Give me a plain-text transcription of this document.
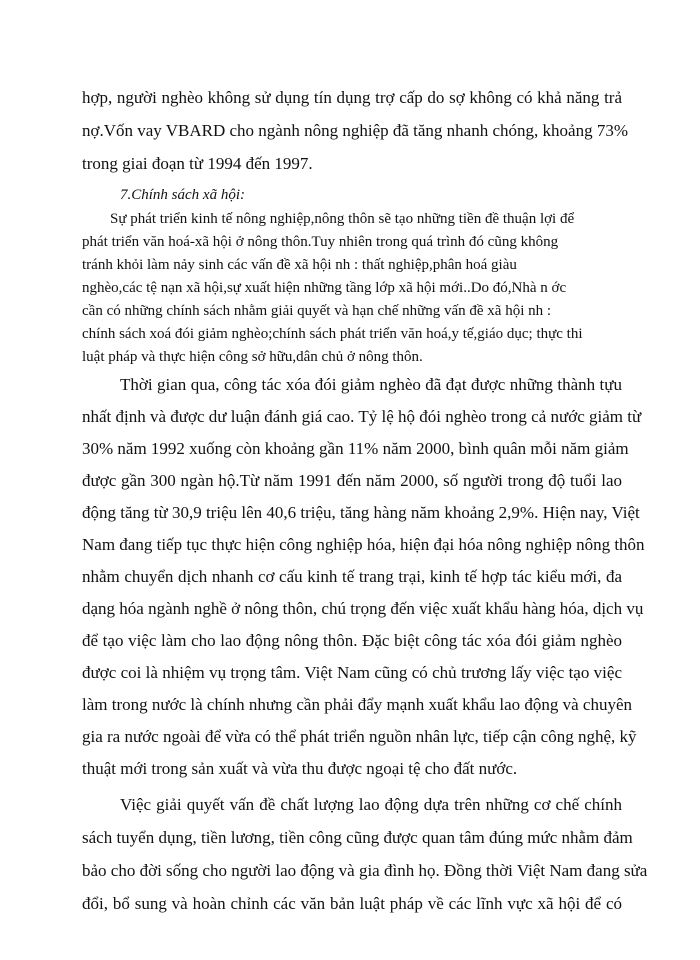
hợp, người nghèo không sử dụng tín dụng trợ cấp do sợ không có khả năng trả
nợ.Vốn vay VBARD cho ngành nông nghiệp đã tăng nhanh chóng, khoảng 73%
trong giai đoạn từ 1994 đến 1997.
7.Chính sách xã hội:
Sự phát triển kinh tế nông nghiệp,nông thôn sẽ tạo những tiền đề thuận lợi để
phát triển văn hoá-xã hội ở nông thôn.Tuy nhiên trong quá trình đó cũng không
tránh khỏi làm nảy sinh các vấn đề xã hội nh : thất nghiệp,phân hoá giàu
nghèo,các tệ nạn xã hội,sự xuất hiện những tầng lớp xã hội mới..Do đó,Nhà n ớc
cần có những chính sách nhằm giải quyết và hạn chế những vấn đề xã hội nh :
chính sách xoá đói giảm nghèo;chính sách phát triển văn hoá,y tế,giáo dục; thực thi
luật pháp và thực hiện công sở hữu,dân chủ ở nông thôn.
Thời gian qua, công tác xóa đói giảm nghèo đã đạt được những thành tựu
nhất định và được dư luận đánh giá cao. Tỷ lệ hộ đói nghèo trong cả nước giảm từ
30% năm 1992 xuống còn khoảng gần 11% năm 2000, bình quân mỗi năm giảm
được gần 300 ngàn hộ.Từ năm 1991 đến năm 2000, số người trong độ tuổi lao
động tăng từ 30,9 triệu lên 40,6 triệu, tăng hàng năm khoảng 2,9%. Hiện nay, Việt
Nam đang tiếp tục thực hiện công nghiệp hóa, hiện đại hóa nông nghiệp nông thôn
nhằm chuyển dịch nhanh cơ cấu kinh tế trang trại, kinh tế hợp tác kiểu mới, đa
dạng hóa ngành nghề ở nông thôn, chú trọng đến việc xuất khẩu hàng hóa, dịch vụ
để tạo việc làm cho lao động nông thôn. Đặc biệt công tác xóa đói giảm nghèo
được coi là nhiệm vụ trọng tâm. Việt Nam cũng có chủ trương lấy việc tạo việc
làm trong nước là chính nhưng cần phải đẩy mạnh xuất khẩu lao động và chuyên
gia ra nước ngoài để vừa có thể phát triển nguồn nhân lực, tiếp cận công nghệ, kỹ
thuật mới trong sản xuất và vừa thu được ngoại tệ cho đất nước.
Việc giải quyết vấn đề chất lượng lao động dựa trên những cơ chế chính
sách tuyển dụng, tiền lương, tiền công cũng được quan tâm đúng mức nhằm đảm
bảo cho đời sống cho người lao động và gia đình họ. Đồng thời Việt Nam đang sửa
đổi, bổ sung và hoàn chỉnh các văn bản luật pháp về các lĩnh vực xã hội để có
